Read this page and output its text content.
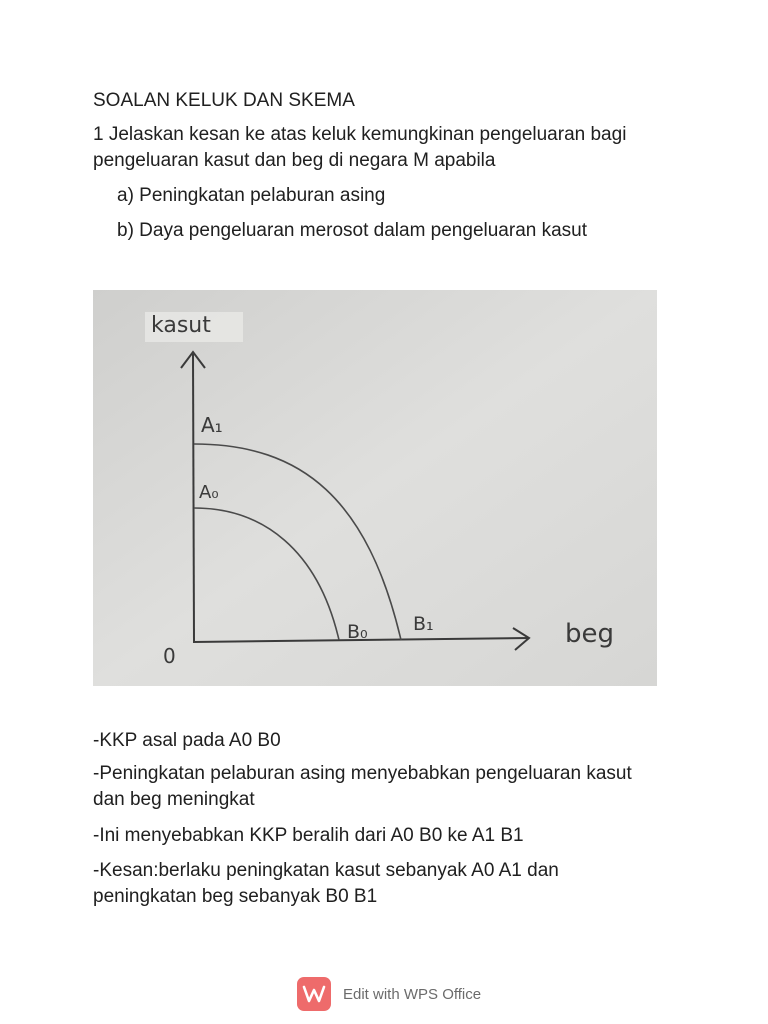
SOALAN KELUK DAN SKEMA
1 Jelaskan kesan ke atas keluk kemungkinan pengeluaran bagi
pengeluaran kasut dan beg di negara M apabila
a) Peningkatan pelaburan asing
b) Daya pengeluaran merosot dalam pengeluaran kasut
kasut
beg
0
A₁
A₀
B₀ B₁
-KKP asal pada A0 B0
-Peningkatan pelaburan asing menyebabkan pengeluaran kasut
dan beg meningkat
-Ini menyebabkan KKP beralih dari A0 B0 ke A1 B1
-Kesan:berlaku peningkatan kasut sebanyak A0 A1 dan
peningkatan beg sebanyak B0 B1
Edit with WPS Office
